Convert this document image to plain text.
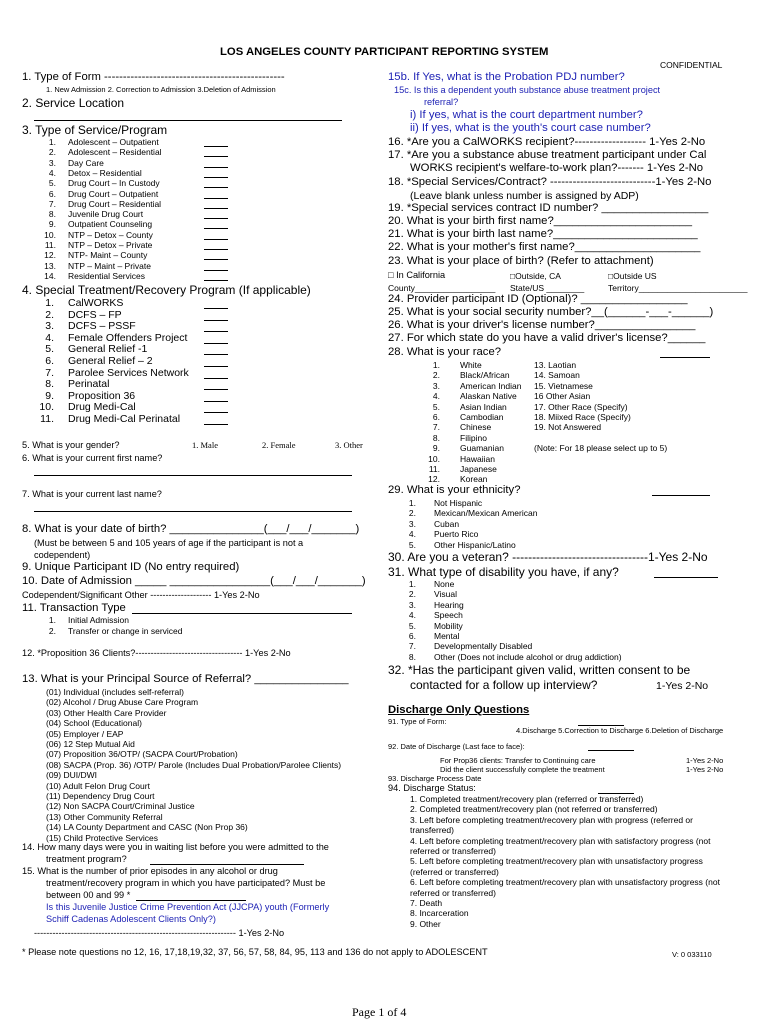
LOS ANGELES COUNTY PARTICIPANT REPORTING SYSTEM
CONFIDENTIAL
1. Type of Form ------------------------------------------------
1. New Admission 2. Correction to Admission 3.Deletion of Admission
2. Service Location
3. Type of Service/Program
4. Special Treatment/Recovery Program (If applicable)
5. What is your gender?	1. Male	2. Female	3. Other
6. What is your current first name?
7. What is your current last name?
8. What is your date of birth? _______________(___/___/_______)
(Must be between 5 and 105 years of age if the participant is not a
codependent)
9. Unique Participant ID (No entry required)
10. Date of Admission _____ ________________(___/___/_______)
Codependent/Significant Other -------------------- 1-Yes 2-No
11. Transaction Type
12. *Proposition 36 Clients?----------------------------------- 1-Yes 2-No
13. What is your Principal Source of Referral? _______________
14. How many days were you in waiting list before you were admitted to the
treatment program?
15. What is the number of prior episodes in any alcohol or drug
treatment/recovery program in which you have participated? Must be
between 00 and 99 *
Is this Juvenile Justice Crime Prevention Act (JJCPA) youth (Formerly
Schiff Cadenas Adolescent Clients Only?)
------------------------------------------------------------------ 1-Yes 2-No
15b. If Yes, what is the Probation PDJ number?
15c. Is this a dependent youth substance abuse treatment project
referral?
i) If yes, what is the court department number?
ii) If yes, what is the youth's court case number?
16. *Are you a CalWORKS recipient?------------------- 1-Yes 2-No
17. *Are you a substance abuse treatment participant under Cal
WORKS recipient's welfare-to-work plan?------- 1-Yes 2-No
18. *Special Services/Contract? ----------------------------1-Yes 2-No
(Leave blank unless number is assigned by ADP)
19. *Special services contract ID number? _________________
20. What is your birth first name?______________________
21. What is your birth last name?_______________________
22. What is your mother's first name?____________________
23. What is your place of birth? (Refer to attachment)
□ In California	□Outside, CA	□Outside US
County_________________ State/US ________	Territory_______________________
24. Provider participant ID (Optional)? _________________
25. What is your social security number?__(______-___-______)
26. What is your driver's license number?________________
27. For which state do you have a valid driver's license?______
28. What is your race?
29. What is your ethnicity?
30. Are you a veteran? ----------------------------------1-Yes 2-No
31. What type of disability you have, if any?
32. *Has the participant given valid, written consent to be
contacted for a follow up interview?	1-Yes 2-No
Discharge Only Questions
91. Type of Form:
4.Discharge 5.Correction to Discharge 6.Deletion of Discharge
92. Date of Discharge (Last face to face):
For Prop36 clients: Transfer to Continuing care	1-Yes 2-No
Did the client successfully complete the treatment	1-Yes 2-No
93. Discharge Process Date
94. Discharge Status:
* Please note questions no 12, 16, 17,18,19,32, 37, 56, 57, 58, 84, 95, 113 and 136 do not apply to ADOLESCENT	V: 0 033110
Page 1 of 4
1. Adolescent – Outpatient
2. Adolescent – Residential
3. Day Care
4. Detox – Residential
5. Drug Court – In Custody
6. Drug Court – Outpatient
7. Drug Court – Residential
8. Juvenile Drug Court
9. Outpatient Counseling
10. NTP – Detox – County
11. NTP – Detox – Private
12. NTP- Maint – County
13. NTP – Maint – Private
14. Residential Services
1. CalWORKS
2. DCFS – FP
3. DCFS – PSSF
4. Female Offenders Project
5. General Relief -1
6. General Relief – 2
7. Parolee Services Network
8. Perinatal
9. Proposition 36
10. Drug Medi-Cal
11. Drug Medi-Cal Perinatal
1. Initial Admission
2. Transfer or change in serviced
(01) Individual (includes self-referral)
(02) Alcohol / Drug Abuse Care Program
(03) Other Health Care Provider
(04) School (Educational)
(05) Employer / EAP
(06) 12 Step Mutual Aid
(07) Proposition 36/OTP/ (SACPA Court/Probation)
(08) SACPA (Prop. 36) /OTP/ Parole (Includes Dual Probation/Parolee Clients)
(09) DUI/DWI
(10) Adult Felon Drug Court
(11) Dependency Drug Court
(12) Non SACPA Court/Criminal Justice
(13) Other Community Referral
(14) LA County Department and CASC (Non Prop 36)
(15) Child Protective Services
1. White
2. Black/African
3. American Indian
4. Alaskan Native
5. Asian Indian
6. Cambodian
7. Chinese
8. Filipino
9. Guamanian
10. Hawaiian
11. Japanese
12. Korean
13. Laotian
14. Samoan
15. Vietnamese
16 Other Asian
17. Other Race (Specify)
18. Miixed Race (Specify)
19. Not Answered
(Note: For 18 please select up to 5)
1. Not Hispanic
2. Mexican/Mexican American
3. Cuban
4. Puerto Rico
5. Other Hispanic/Latino
1. None
2. Visual
3. Hearing
4. Speech
5. Mobility
6. Mental
7. Developmentally Disabled
8. Other (Does not include alcohol or drug addiction)
1. Completed treatment/recovery plan (referred or transferred)
2. Completed treatment/recovery plan (not referred or transferred)
3. Left before completing treatment/recovery plan with progress (referred or
transferred)
4. Left before completing treatment/recovery plan with satisfactory progress (not
referred or transferred)
5. Left before completing treatment/recovery plan with unsatisfactory progress
(referred or transferred)
6. Left before completing treatment/recovery plan with unsatisfactory progress (not
referred or transferred)
7. Death
8. Incarceration
9. Other
